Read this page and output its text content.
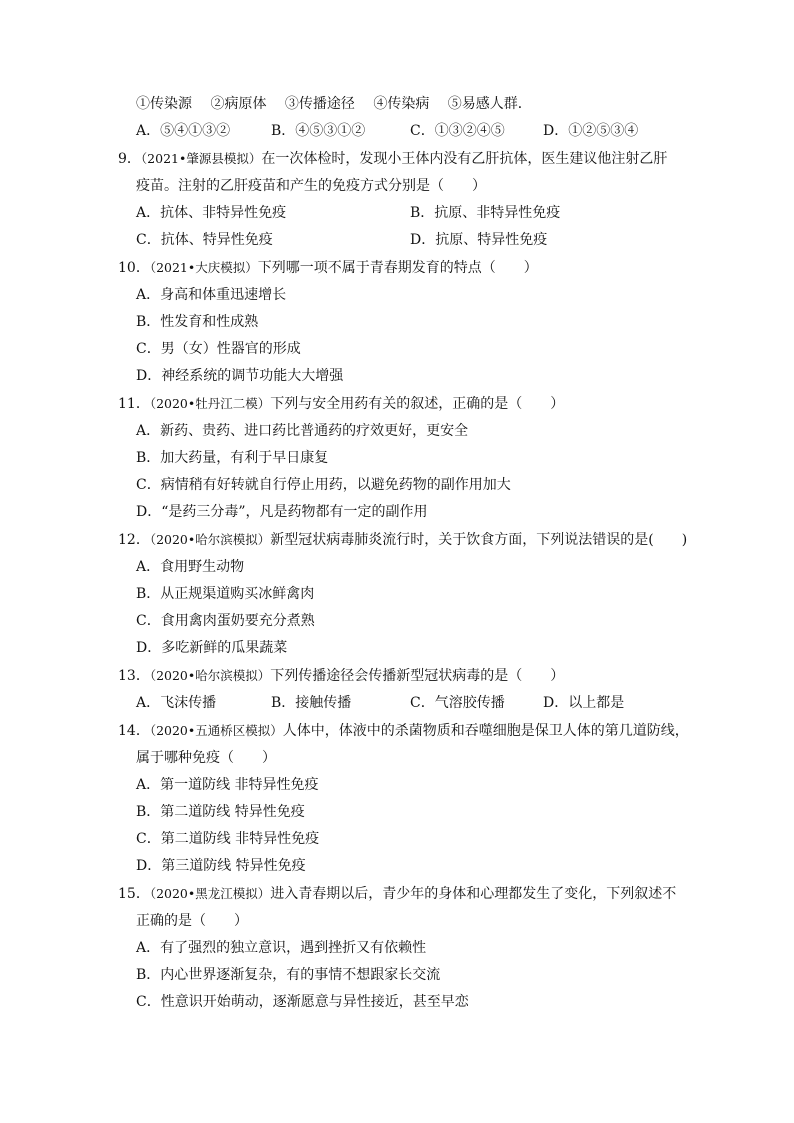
①传染源　 ②病原体　 ③传播途径　 ④传染病　 ⑤易感人群．
A．⑤④①③②	B．④⑤③①②	C．①③②④⑤	D．①②⑤③④
9．（2021•肇源县模拟）在一次体检时，发现小王体内没有乙肝抗体，医生建议他注射乙肝
疫苗。注射的乙肝疫苗和产生的免疫方式分别是（　　）
A．抗体、非特异性免疫	B．抗原、非特异性免疫
C．抗体、特异性免疫	D．抗原、特异性免疫
10．（2021•大庆模拟）下列哪一项不属于青春期发育的特点（　　）
A．身高和体重迅速增长
B．性发育和性成熟
C．男（女）性器官的形成
D．神经系统的调节功能大大增强
11．（2020•牡丹江二模）下列与安全用药有关的叙述，正确的是（　　）
A．新药、贵药、进口药比普通药的疗效更好，更安全
B．加大药量，有利于早日康复
C．病情稍有好转就自行停止用药，以避免药物的副作用加大
D．“是药三分毒”，凡是药物都有一定的副作用
12．（2020•哈尔滨模拟）新型冠状病毒肺炎流行时，关于饮食方面，下列说法错误的是(　　)
A．食用野生动物
B．从正规渠道购买冰鲜禽肉
C．食用禽肉蛋奶要充分煮熟
D．多吃新鲜的瓜果蔬菜
13．（2020•哈尔滨模拟）下列传播途径会传播新型冠状病毒的是（　　）
A．飞沫传播	B．接触传播	C．气溶胶传播	D．以上都是
14．（2020•五通桥区模拟）人体中，体液中的杀菌物质和吞噬细胞是保卫人体的第几道防线，
属于哪种免疫（　　）
A．第一道防线 非特异性免疫
B．第二道防线 特异性免疫
C．第二道防线 非特异性免疫
D．第三道防线 特异性免疫
15．（2020•黑龙江模拟）进入青春期以后，青少年的身体和心理都发生了变化，下列叙述不
正确的是（　　）
A．有了强烈的独立意识，遇到挫折又有依赖性
B．内心世界逐渐复杂，有的事情不想跟家长交流
C．性意识开始萌动，逐渐愿意与异性接近，甚至早恋
